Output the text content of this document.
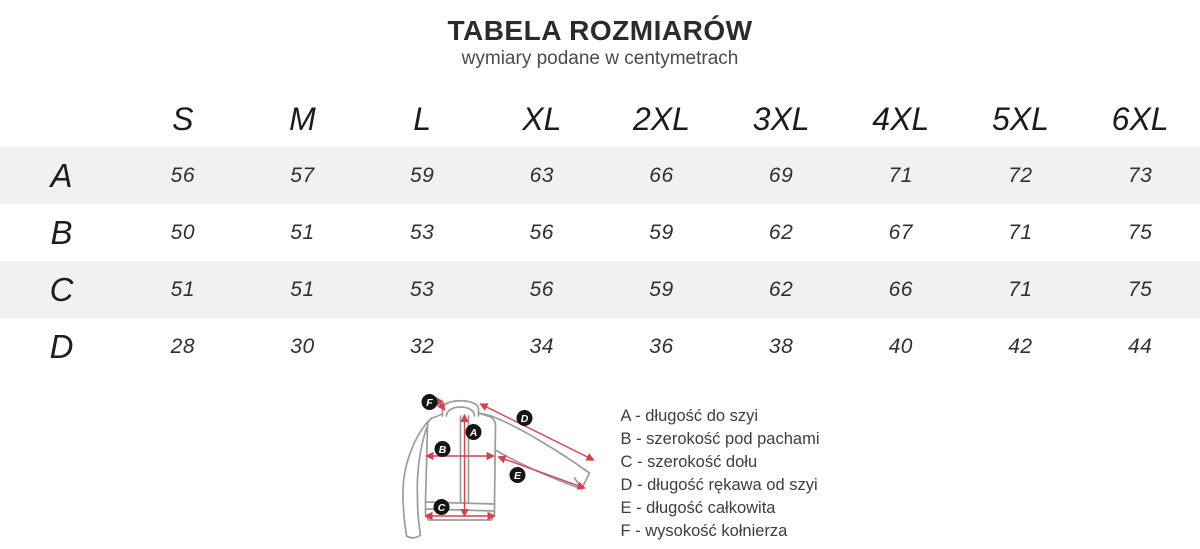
TABELA ROZMIARÓW
wymiary podane w centymetrach
	S	M	L	XL	2XL	3XL	4XL	5XL	6XL
A	56	57	59	63	66	69	71	72	73
B	50	51	53	56	59	62	67	71	75
C	51	51	53	56	59	62	66	71	75
D	28	30	32	34	36	38	40	42	44
F
A
B
C
D
E
A - długość do szyi
B - szerokość pod pachami
C - szerokość dołu
D - długość rękawa od szyi
E - długość całkowita
F - wysokość kołnierza
